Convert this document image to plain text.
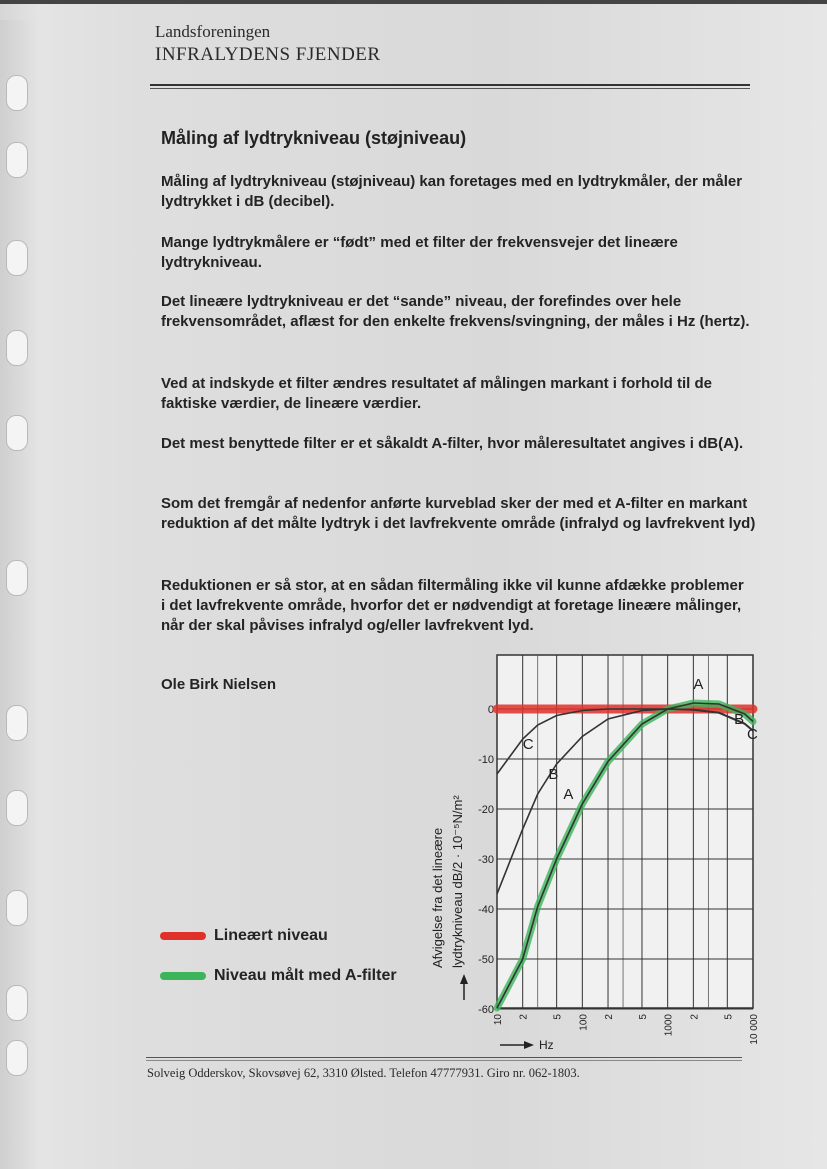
Landsforeningen
INFRALYDENS FJENDER
Måling af lydtrykniveau (støjniveau)

Måling af lydtrykniveau (støjniveau) kan foretages med en lydtrykmåler, der måler lydtrykket i dB (decibel).

Mange lydtrykmålere er “født” med et filter der frekvensvejer det lineære lydtrykniveau.

Det lineære lydtrykniveau er det “sande” niveau, der forefindes over hele frekvensområdet, aflæst for den enkelte frekvens/svingning, der måles i Hz (hertz).

Ved at indskyde et filter ændres resultatet af målingen markant i forhold til de faktiske værdier, de lineære værdier.

Det mest benyttede filter er et såkaldt A-filter, hvor måleresultatet angives i dB(A).

Som det fremgår af nedenfor anførte kurveblad sker der med et A-filter en markant reduktion af det målte lydtryk i det lavfrekvente område (infralyd og lavfrekvent lyd)

Reduktionen er så stor, at en sådan filtermåling ikke vil kunne afdække problemer i det lavfrekvente område, hvorfor det er nødvendigt at foretage lineære målinger, når der skal påvises infralyd og/eller lavfrekvent lyd.

Ole Birk Nielsen
Lineært niveau
Niveau målt med A-filter
0
-10
-20
-30
-40
-50
-60
10 2 5 100 2 5 1000 2 5 10 000
A
B
C
A
B
C
Afvigelse fra det lineære lydtrykniveau dB/2 · 10⁻⁵N/m²
Hz
Solveig Odderskov, Skovsøvej 62, 3310 Ølsted. Telefon 47777931. Giro nr. 062-1803.
